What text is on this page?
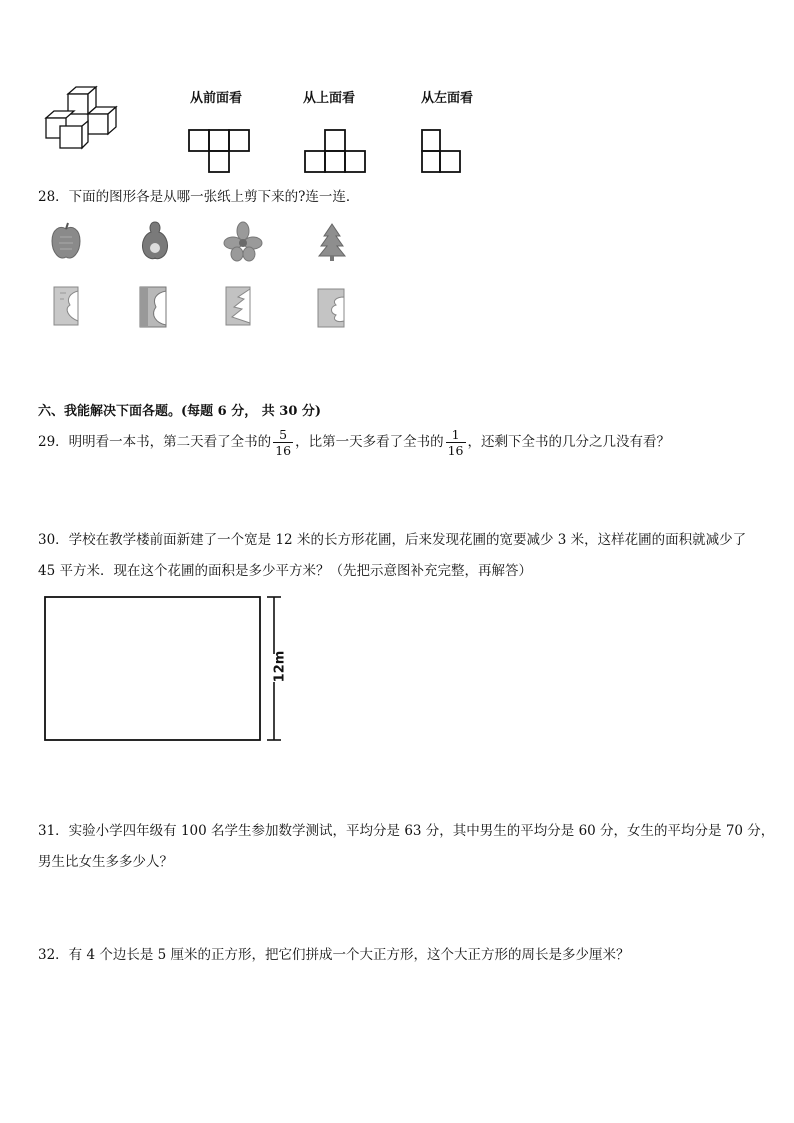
从前面看	从上面看	从左面看
28．下面的图形各是从哪一张纸上剪下来的?连一连．
六、我能解决下面各题。(每题 6 分， 共 30 分)
29．明明看一本书，第二天看了全书的 $\frac{5}{16}$ ，比第一天多看了全书的 $\frac{1}{16}$ ，还剩下全书的几分之几没有看？
30．学校在教学楼前面新建了一个宽是 12 米的长方形花圃，后来发现花圃的宽要减少 3 米，这样花圃的面积就减少了
45 平方米．现在这个花圃的面积是多少平方米？（先把示意图补充完整，再解答）
12m
31．实验小学四年级有 100 名学生参加数学测试，平均分是 63 分，其中男生的平均分是 60 分，女生的平均分是 70 分，
男生比女生多多少人？
32．有 4 个边长是 5 厘米的正方形，把它们拼成一个大正方形，这个大正方形的周长是多少厘米？
